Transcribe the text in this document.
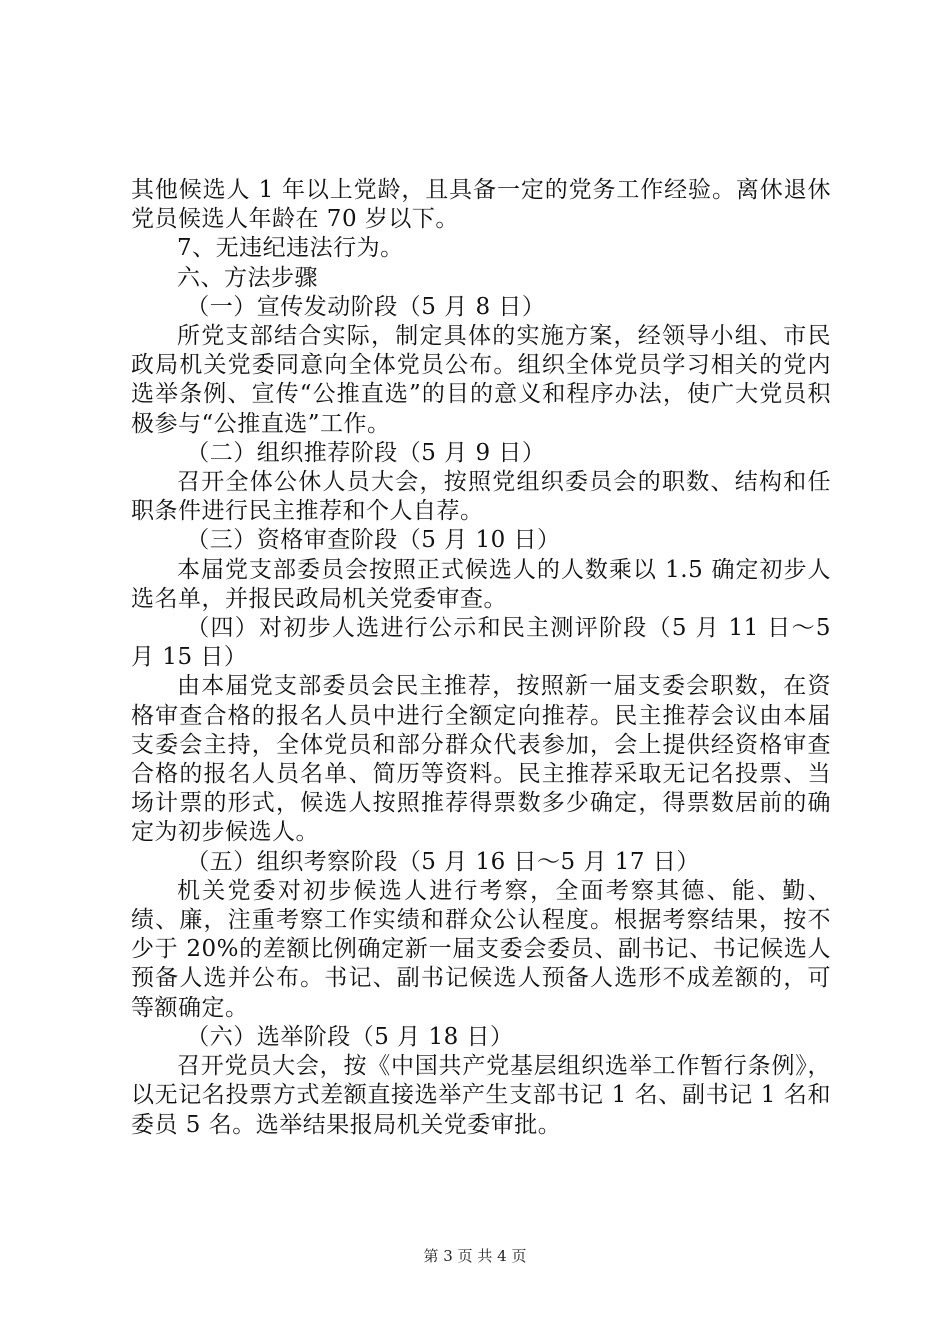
其他候选人 1 年以上党龄，且具备一定的党务工作经验。离休退休党员候选人年龄在 70 岁以下。

7、无违纪违法行为。

六、方法步骤

（一）宣传发动阶段（5 月 8 日）

所党支部结合实际，制定具体的实施方案，经领导小组、市民政局机关党委同意向全体党员公布。组织全体党员学习相关的党内选举条例、宣传“公推直选”的目的意义和程序办法，使广大党员积极参与“公推直选”工作。

（二）组织推荐阶段（5 月 9 日）

召开全体公休人员大会，按照党组织委员会的职数、结构和任职条件进行民主推荐和个人自荐。

（三）资格审查阶段（5 月 10 日）

本届党支部委员会按照正式候选人的人数乘以 1.5 确定初步人选名单，并报民政局机关党委审查。

（四）对初步人选进行公示和民主测评阶段（5 月 11 日～5 月 15 日）

由本届党支部委员会民主推荐，按照新一届支委会职数，在资格审查合格的报名人员中进行全额定向推荐。民主推荐会议由本届支委会主持，全体党员和部分群众代表参加，会上提供经资格审查合格的报名人员名单、简历等资料。民主推荐采取无记名投票、当场计票的形式，候选人按照推荐得票数多少确定，得票数居前的确定为初步候选人。

（五）组织考察阶段（5 月 16 日～5 月 17 日）

机关党委对初步候选人进行考察，全面考察其德、能、勤、绩、廉，注重考察工作实绩和群众公认程度。根据考察结果，按不少于 20%的差额比例确定新一届支委会委员、副书记、书记候选人预备人选并公布。书记、副书记候选人预备人选形不成差额的，可等额确定。

（六）选举阶段（5 月 18 日）

召开党员大会，按《中国共产党基层组织选举工作暂行条例》，以无记名投票方式差额直接选举产生支部书记 1 名、副书记 1 名和委员 5 名。选举结果报局机关党委审批。

第 3 页 共 4 页
